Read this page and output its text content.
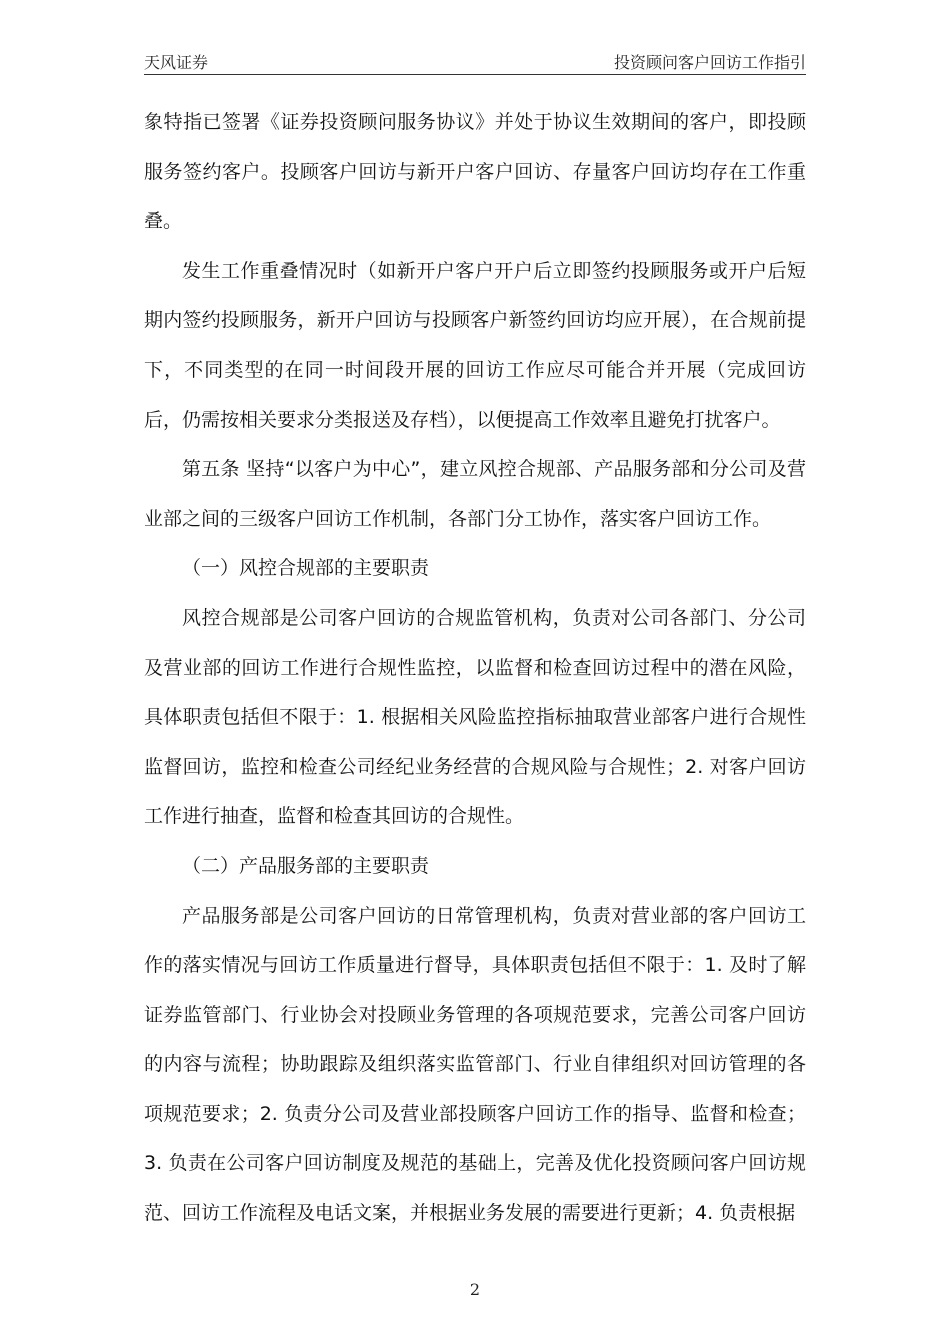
天风证券	投资顾问客户回访工作指引

象特指已签署《证券投资顾问服务协议》并处于协议生效期间的客户，即投顾服务签约客户。投顾客户回访与新开户客户回访、存量客户回访均存在工作重叠。

发生工作重叠情况时（如新开户客户开户后立即签约投顾服务或开户后短期内签约投顾服务，新开户回访与投顾客户新签约回访均应开展），在合规前提下，不同类型的在同一时间段开展的回访工作应尽可能合并开展（完成回访后，仍需按相关要求分类报送及存档），以便提高工作效率且避免打扰客户。

第五条 坚持“以客户为中心”，建立风控合规部、产品服务部和分公司及营业部之间的三级客户回访工作机制，各部门分工协作，落实客户回访工作。

（一）风控合规部的主要职责

风控合规部是公司客户回访的合规监管机构，负责对公司各部门、分公司及营业部的回访工作进行合规性监控，以监督和检查回访过程中的潜在风险，具体职责包括但不限于：1. 根据相关风险监控指标抽取营业部客户进行合规性监督回访，监控和检查公司经纪业务经营的合规风险与合规性；2. 对客户回访工作进行抽查，监督和检查其回访的合规性。

（二）产品服务部的主要职责

产品服务部是公司客户回访的日常管理机构，负责对营业部的客户回访工作的落实情况与回访工作质量进行督导，具体职责包括但不限于：1. 及时了解证券监管部门、行业协会对投顾业务管理的各项规范要求，完善公司客户回访的内容与流程；协助跟踪及组织落实监管部门、行业自律组织对回访管理的各项规范要求；2. 负责分公司及营业部投顾客户回访工作的指导、监督和检查；3. 负责在公司客户回访制度及规范的基础上，完善及优化投资顾问客户回访规范、回访工作流程及电话文案，并根据业务发展的需要进行更新；4. 负责根据

2
